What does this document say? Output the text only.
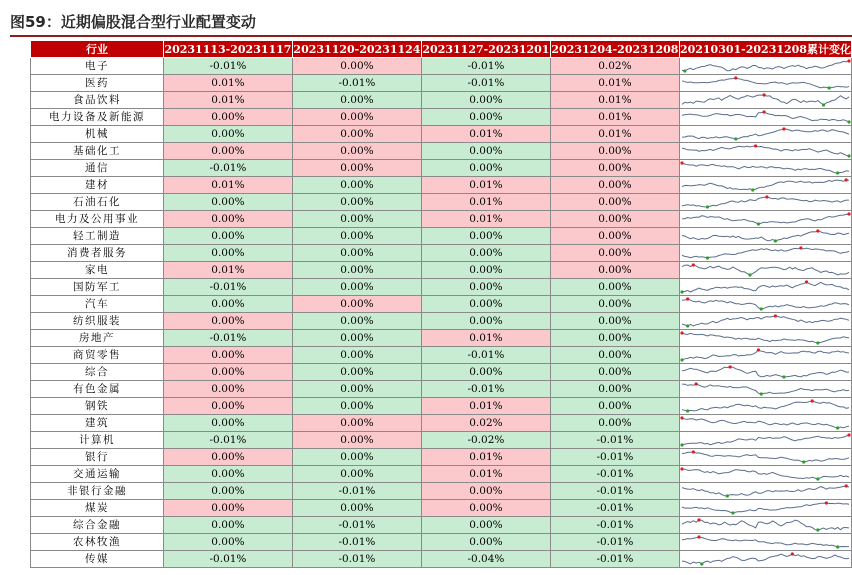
图59：近期偏股混合型行业配置变动
行业	20231113-20231117	20231120-20231124	20231127-20231201	20231204-20231208	20210301-20231208累计变化
电子	-0.01%	0.00%	-0.01%	0.02%	

医药	0.01%	-0.01%	-0.01%	0.01%	

食品饮料	0.01%	0.00%	0.00%	0.01%	

电力设备及新能源	0.00%	0.00%	0.00%	0.01%	

机械	0.00%	0.00%	0.01%	0.01%	

基础化工	0.00%	0.00%	0.00%	0.00%	

通信	-0.01%	0.00%	0.00%	0.00%	

建材	0.01%	0.00%	0.01%	0.00%	

石油石化	0.00%	0.00%	0.01%	0.00%	

电力及公用事业	0.00%	0.00%	0.01%	0.00%	

轻工制造	0.00%	0.00%	0.00%	0.00%	

消费者服务	0.00%	0.00%	0.00%	0.00%	

家电	0.01%	0.00%	0.00%	0.00%	

国防军工	-0.01%	0.00%	0.00%	0.00%	

汽车	0.00%	0.00%	0.00%	0.00%	

纺织服装	0.00%	0.00%	0.00%	0.00%	

房地产	-0.01%	0.00%	0.01%	0.00%	

商贸零售	0.00%	0.00%	-0.01%	0.00%	

综合	0.00%	0.00%	0.00%	0.00%	

有色金属	0.00%	0.00%	-0.01%	0.00%	

钢铁	0.00%	0.00%	0.01%	0.00%	

建筑	0.00%	0.00%	0.02%	0.00%	

计算机	-0.01%	0.00%	-0.02%	-0.01%	

银行	0.00%	0.00%	0.01%	-0.01%	

交通运输	0.00%	0.00%	0.01%	-0.01%	

非银行金融	0.00%	-0.01%	0.00%	-0.01%	

煤炭	0.00%	0.00%	0.00%	-0.01%	

综合金融	0.00%	-0.01%	0.00%	-0.01%	

农林牧渔	0.00%	-0.01%	0.00%	-0.01%	

传媒	-0.01%	-0.01%	-0.04%	-0.01%	
